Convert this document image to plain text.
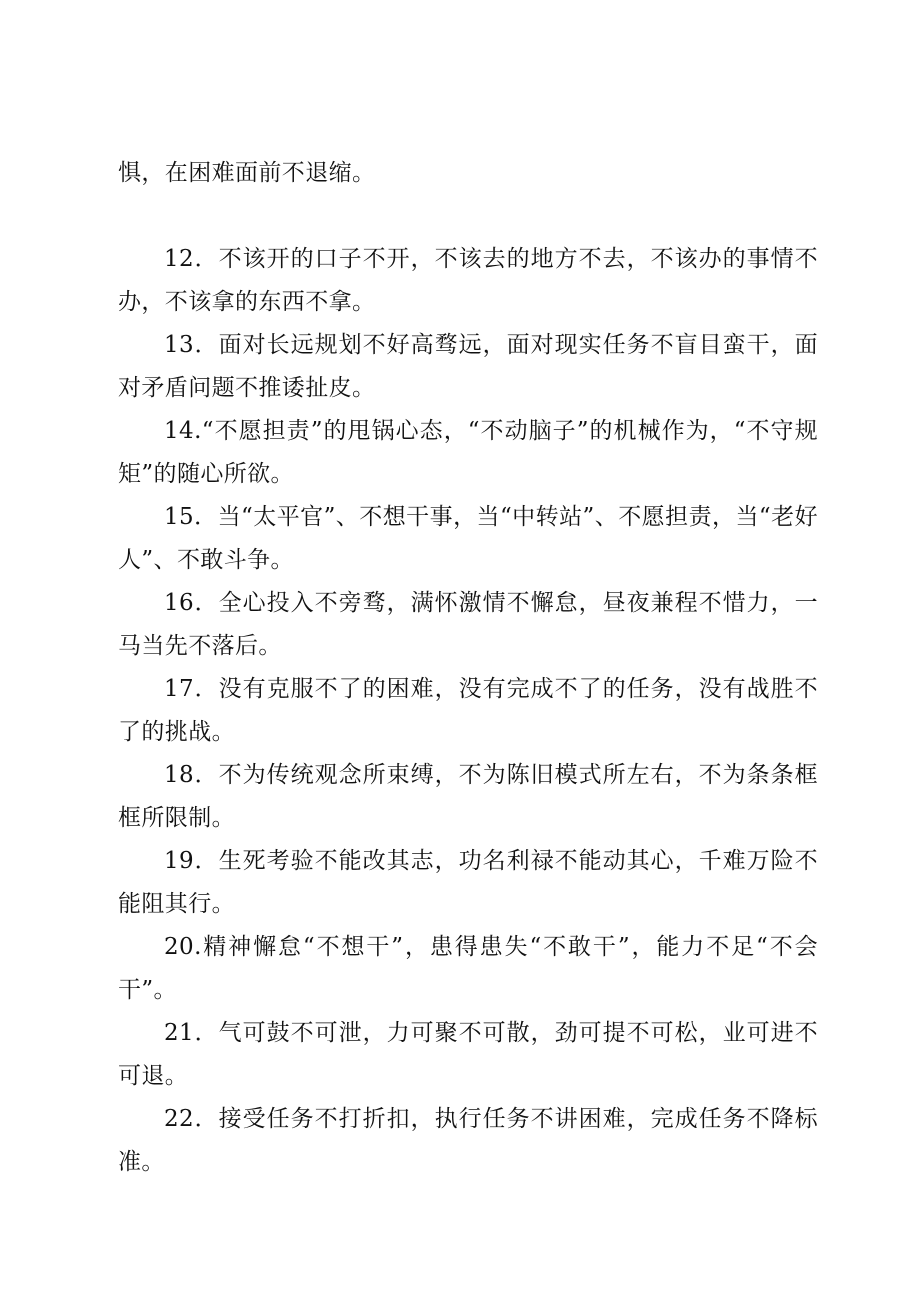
惧，在困难面前不退缩。

12．不该开的口子不开，不该去的地方不去，不该办的事情不办，不该拿的东西不拿。

13．面对长远规划不好高骛远，面对现实任务不盲目蛮干，面对矛盾问题不推诿扯皮。

14.“不愿担责”的甩锅心态，“不动脑子”的机械作为，“不守规矩”的随心所欲。

15．当“太平官”、不想干事，当“中转站”、不愿担责，当“老好人”、不敢斗争。

16．全心投入不旁骛，满怀激情不懈怠，昼夜兼程不惜力，一马当先不落后。

17．没有克服不了的困难，没有完成不了的任务，没有战胜不了的挑战。

18．不为传统观念所束缚，不为陈旧模式所左右，不为条条框框所限制。

19．生死考验不能改其志，功名利禄不能动其心，千难万险不能阻其行。

20.精神懈怠“不想干”，患得患失“不敢干”，能力不足“不会干”。

21．气可鼓不可泄，力可聚不可散，劲可提不可松，业可进不可退。

22．接受任务不打折扣，执行任务不讲困难，完成任务不降标准。
